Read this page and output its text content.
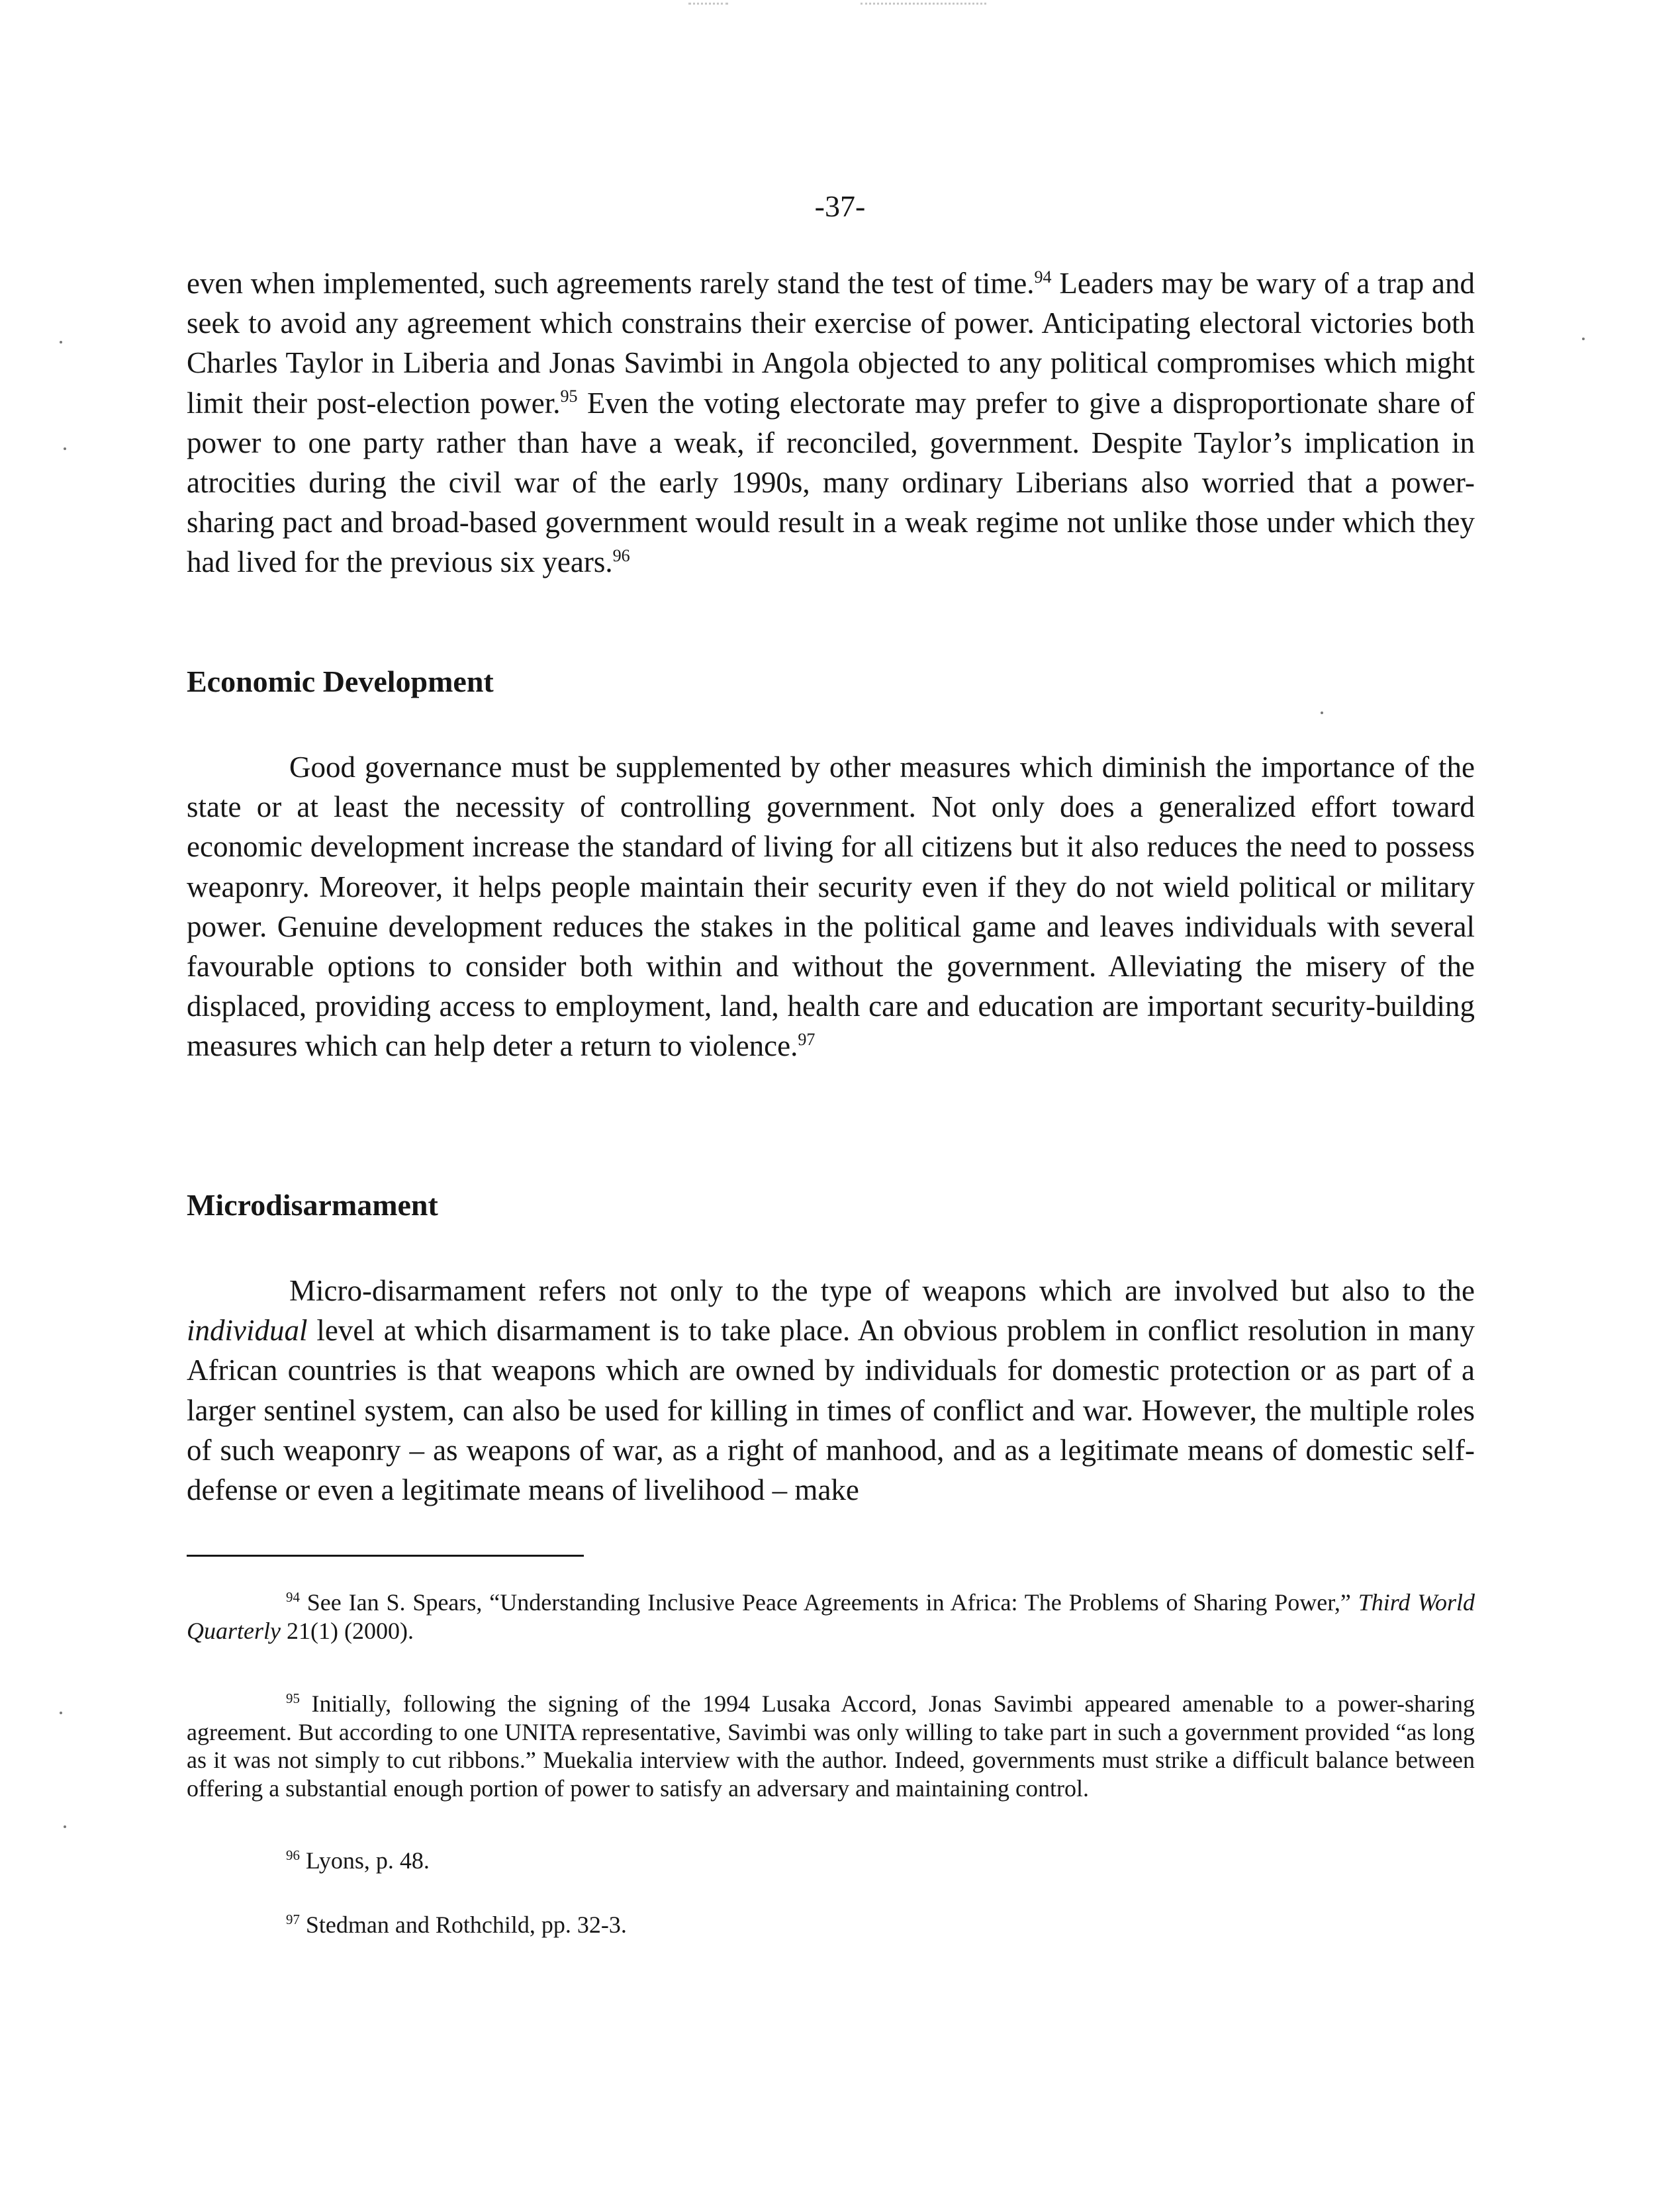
-37-

even when implemented, such agreements rarely stand the test of time.$^{94}$ Leaders may be wary of a trap and seek to avoid any agreement which constrains their exercise of power. Anticipating electoral victories both Charles Taylor in Liberia and Jonas Savimbi in Angola objected to any political compromises which might limit their post-election power.$^{95}$ Even the voting electorate may prefer to give a disproportionate share of power to one party rather than have a weak, if reconciled, government. Despite Taylor’s implication in atrocities during the civil war of the early 1990s, many ordinary Liberians also worried that a power-sharing pact and broad-based government would result in a weak regime not unlike those under which they had lived for the previous six years.$^{96}$

Economic Development

Good governance must be supplemented by other measures which diminish the importance of the state or at least the necessity of controlling government. Not only does a generalized effort toward economic development increase the standard of living for all citizens but it also reduces the need to possess weaponry. Moreover, it helps people maintain their security even if they do not wield political or military power. Genuine development reduces the stakes in the political game and leaves individuals with several favourable options to consider both within and without the government. Alleviating the misery of the displaced, providing access to employment, land, health care and education are important security-building measures which can help deter a return to violence.$^{97}$

Microdisarmament

Micro-disarmament refers not only to the type of weapons which are involved but also to the individual level at which disarmament is to take place. An obvious problem in conflict resolution in many African countries is that weapons which are owned by individuals for domestic protection or as part of a larger sentinel system, can also be used for killing in times of conflict and war. However, the multiple roles of such weaponry – as weapons of war, as a right of manhood, and as a legitimate means of domestic self-defense or even a legitimate means of livelihood – make

$^{94}$ See Ian S. Spears, “Understanding Inclusive Peace Agreements in Africa: The Problems of Sharing Power,” Third World Quarterly 21(1) (2000).

$^{95}$ Initially, following the signing of the 1994 Lusaka Accord, Jonas Savimbi appeared amenable to a power-sharing agreement. But according to one UNITA representative, Savimbi was only willing to take part in such a government provided “as long as it was not simply to cut ribbons.” Muekalia interview with the author. Indeed, governments must strike a difficult balance between offering a substantial enough portion of power to satisfy an adversary and maintaining control.

$^{96}$ Lyons, p. 48.

$^{97}$ Stedman and Rothchild, pp. 32-3.
